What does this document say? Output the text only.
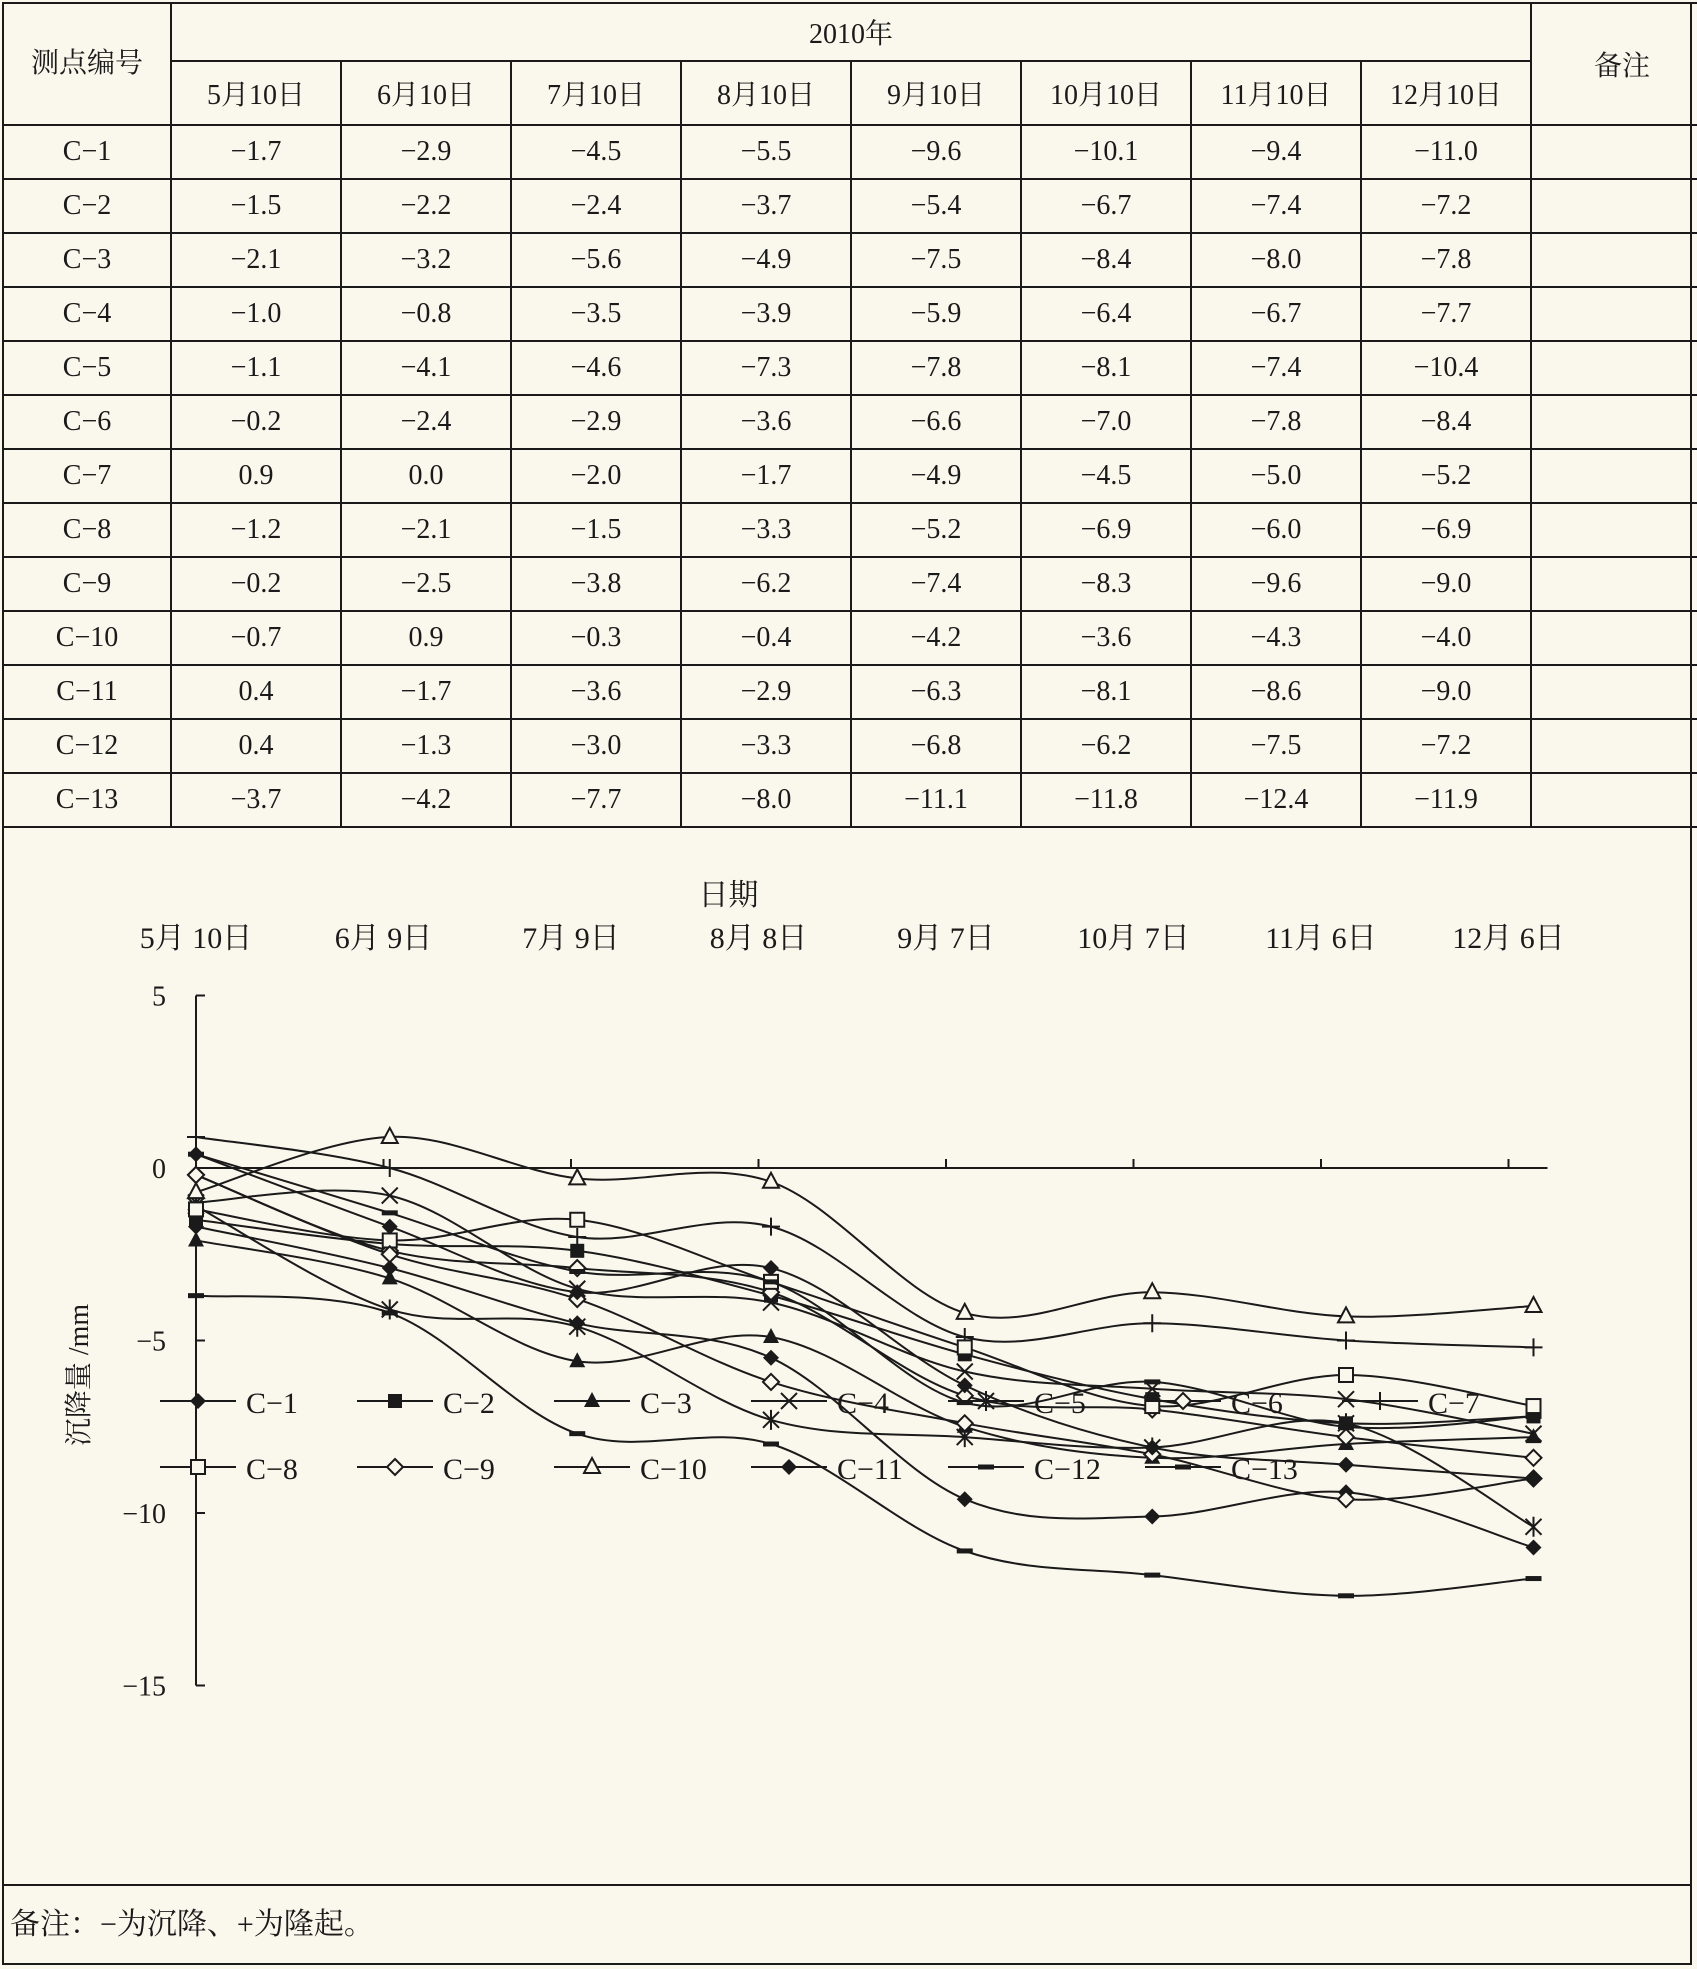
测点编号	2010年								备注
	5月10日	6月10日	7月10日	8月10日	9月10日	10月10日	11月10日	12月10日	
C−1	−1.7	−2.9	−4.5	−5.5	−9.6	−10.1	−9.4	−11.0	
C−2	−1.5	−2.2	−2.4	−3.7	−5.4	−6.7	−7.4	−7.2	
C−3	−2.1	−3.2	−5.6	−4.9	−7.5	−8.4	−8.0	−7.8	
C−4	−1.0	−0.8	−3.5	−3.9	−5.9	−6.4	−6.7	−7.7	
C−5	−1.1	−4.1	−4.6	−7.3	−7.8	−8.1	−7.4	−10.4	
C−6	−0.2	−2.4	−2.9	−3.6	−6.6	−7.0	−7.8	−8.4	
C−7	0.9	0.0	−2.0	−1.7	−4.9	−4.5	−5.0	−5.2	
C−8	−1.2	−2.1	−1.5	−3.3	−5.2	−6.9	−6.0	−6.9	
C−9	−0.2	−2.5	−3.8	−6.2	−7.4	−8.3	−9.6	−9.0	
C−10	−0.7	0.9	−0.3	−0.4	−4.2	−3.6	−4.3	−4.0	
C−11	0.4	−1.7	−3.6	−2.9	−6.3	−8.1	−8.6	−9.0	
C−12	0.4	−1.3	−3.0	−3.3	−6.8	−6.2	−7.5	−7.2	
C−13	−3.7	−4.2	−7.7	−8.0	−11.1	−11.8	−12.4	−11.9	
日期
5月 10日	6月 9日	7月 9日	8月 8日	9月 7日	10月 7日	11月 6日	12月 6日
5
0
−5
−10
−15
沉降量 /mm	C−1	C−2	C−3	C−4	C−5	C−6	C−7
C−8	C−9	C−10	C−11	C−12	C−13
备注：−为沉降、+为隆起。
